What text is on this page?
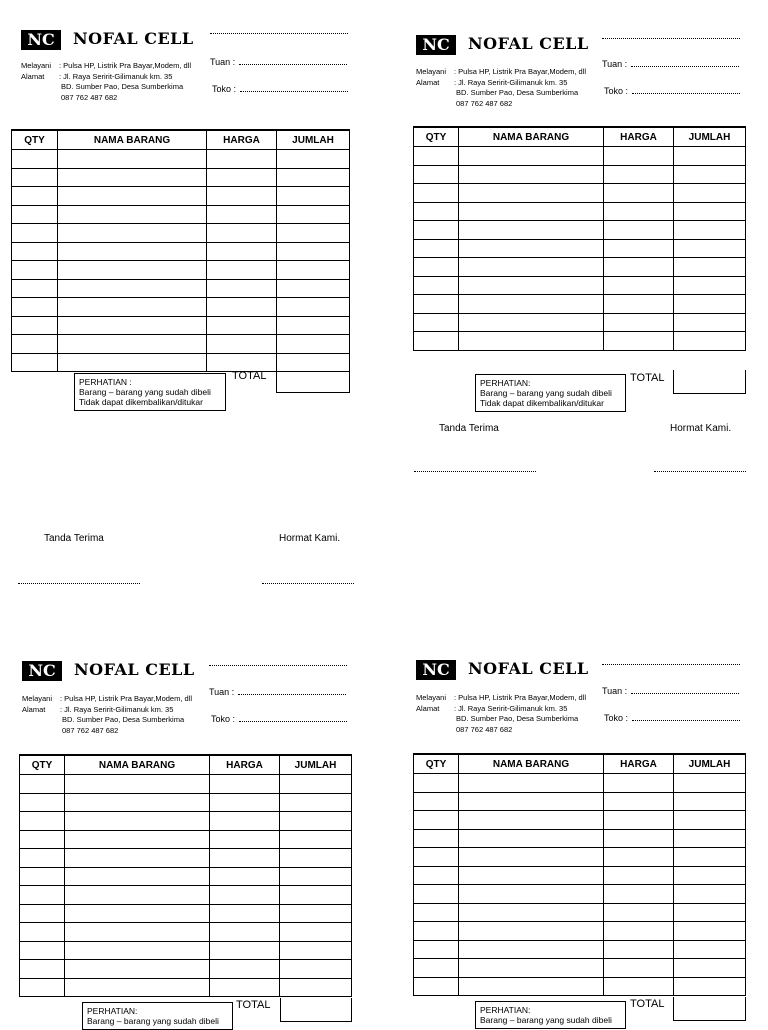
NC	NOFAL CELL
Melayani : Pulsa HP, Listrik Pra Bayar,Modem, dll
Alamat : Jl. Raya Seririt-Gilimanuk km. 35
BD. Sumber Pao, Desa Sumberkima
087 762 487 682
Tuan :
Toko :
QTY	NAMA BARANG	HARGA	JUMLAH

PERHATIAN :
Barang – barang yang sudah dibeli
Tidak dapat dikembalikan/ditukar
TOTAL
Tanda Terima	Hormat Kami.
NC	NOFAL CELL
Melayani : Pulsa HP, Listrik Pra Bayar,Modem, dll
Alamat : Jl. Raya Seririt-Gilimanuk km. 35
BD. Sumber Pao, Desa Sumberkima
087 762 487 682
Tuan :
Toko :
QTY	NAMA BARANG	HARGA	JUMLAH

PERHATIAN:
Barang – barang yang sudah dibeli
Tidak dapat dikembalikan/ditukar
TOTAL
Tanda Terima	Hormat Kami.
NC	NOFAL CELL
Melayani : Pulsa HP, Listrik Pra Bayar,Modem, dll
Alamat : Jl. Raya Seririt-Gilimanuk km. 35
BD. Sumber Pao, Desa Sumberkima
087 762 487 682
Tuan :
Toko :
QTY	NAMA BARANG	HARGA	JUMLAH

PERHATIAN:
Barang – barang yang sudah dibeli
TOTAL
NC	NOFAL CELL
Melayani : Pulsa HP, Listrik Pra Bayar,Modem, dll
Alamat : Jl. Raya Seririt-Gilimanuk km. 35
BD. Sumber Pao, Desa Sumberkima
087 762 487 682
Tuan :
Toko :
QTY	NAMA BARANG	HARGA	JUMLAH

PERHATIAN:
Barang – barang yang sudah dibeli
TOTAL
